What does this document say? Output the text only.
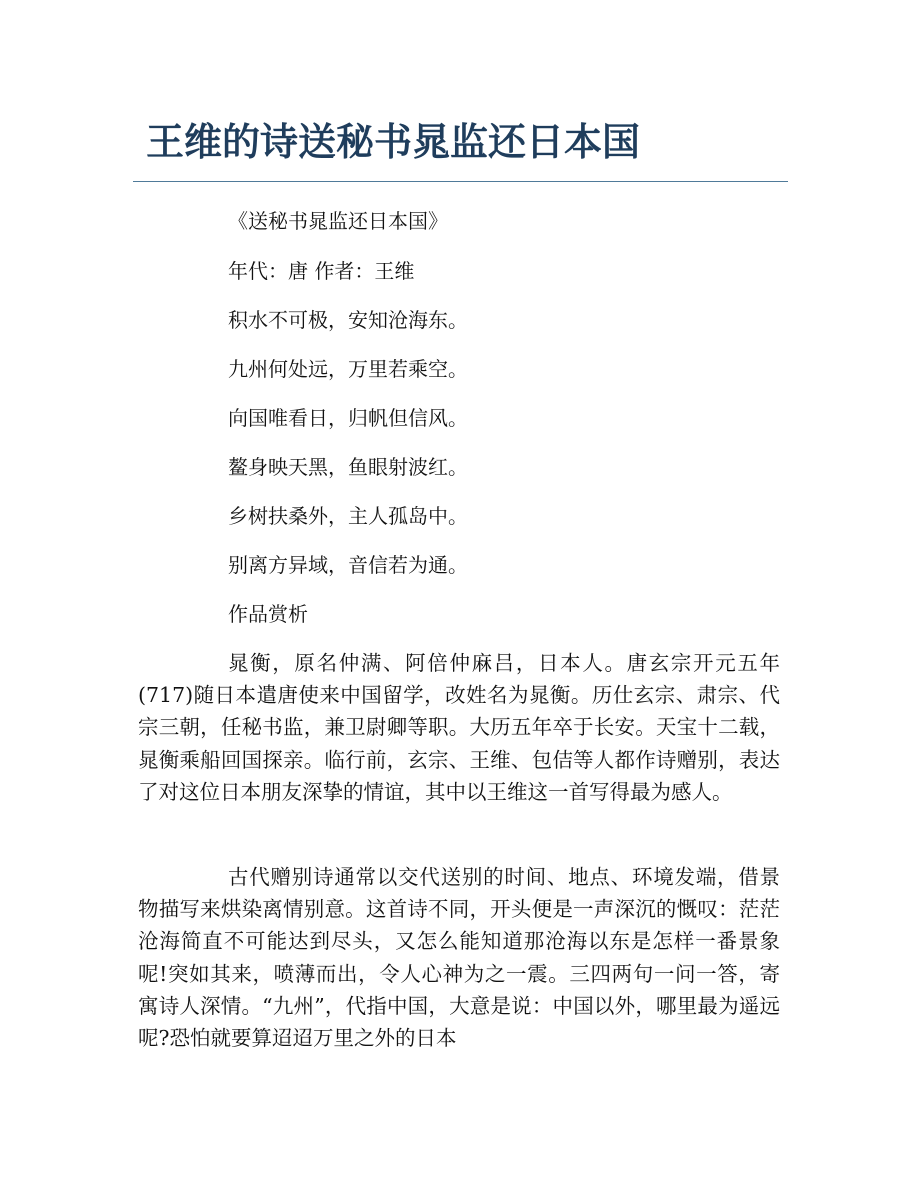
王维的诗送秘书晁监还日本国

《送秘书晁监还日本国》

年代：唐 作者：王维

积水不可极，安知沧海东。

九州何处远，万里若乘空。

向国唯看日，归帆但信风。

鳌身映天黑，鱼眼射波红。

乡树扶桑外，主人孤岛中。

别离方异域，音信若为通。

作品赏析

晁衡，原名仲满、阿倍仲麻吕，日本人。唐玄宗开元五年(717)随日本遣唐使来中国留学，改姓名为晁衡。历仕玄宗、肃宗、代宗三朝，任秘书监，兼卫尉卿等职。大历五年卒于长安。天宝十二载，晁衡乘船回国探亲。临行前，玄宗、王维、包佶等人都作诗赠别，表达了对这位日本朋友深挚的情谊，其中以王维这一首写得最为感人。

古代赠别诗通常以交代送别的时间、地点、环境发端，借景物描写来烘染离情别意。这首诗不同，开头便是一声深沉的慨叹：茫茫沧海简直不可能达到尽头，又怎么能知道那沧海以东是怎样一番景象呢!突如其来，喷薄而出，令人心神为之一震。三四两句一问一答，寄寓诗人深情。“九州”，代指中国，大意是说：中国以外，哪里最为遥远呢?恐怕就要算迢迢万里之外的日本
